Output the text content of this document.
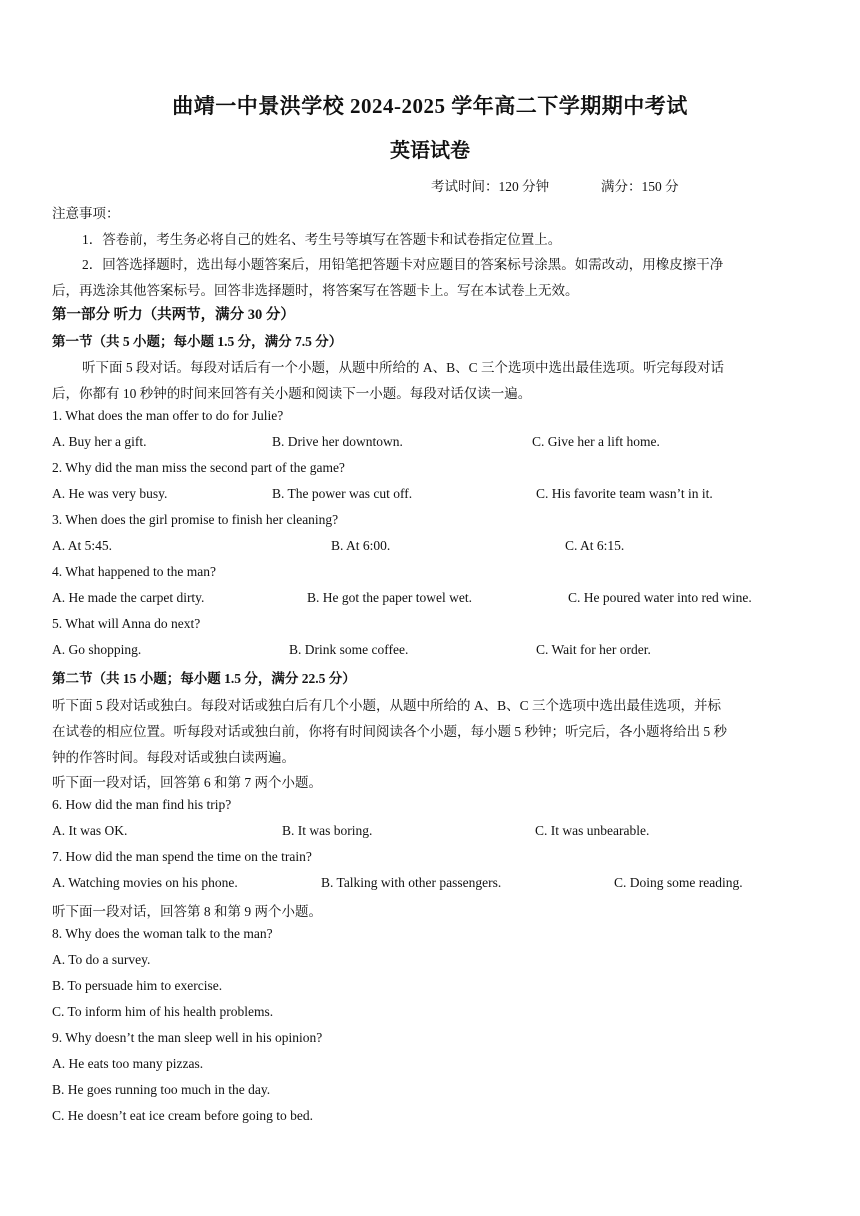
曲靖一中景洪学校 2024-2025 学年高二下学期期中考试
英语试卷
考试时间：120 分钟	满分：150 分
注意事项：
1．答卷前，考生务必将自己的姓名、考生号等填写在答题卡和试卷指定位置上。
2．回答选择题时，选出每小题答案后，用铅笔把答题卡对应题目的答案标号涂黑。如需改动，用橡皮擦干净
后，再选涂其他答案标号。回答非选择题时，将答案写在答题卡上。写在本试卷上无效。
第一部分 听力（共两节，满分 30 分）
第一节（共 5 小题；每小题 1.5 分，满分 7.5 分）
听下面 5 段对话。每段对话后有一个小题，从题中所给的 A、B、C 三个选项中选出最佳选项。听完每段对话
后，你都有 10 秒钟的时间来回答有关小题和阅读下一小题。每段对话仅读一遍。
1. What does the man offer to do for Julie?
A. Buy her a gift.	B. Drive her downtown.	C. Give her a lift home.
2. Why did the man miss the second part of the game?
A. He was very busy.	B. The power was cut off.	C. His favorite team wasn’t in it.
3. When does the girl promise to finish her cleaning?
A. At 5:45.	B. At 6:00.	C. At 6:15.
4. What happened to the man?
A. He made the carpet dirty.	B. He got the paper towel wet.	C. He poured water into red wine.
5. What will Anna do next?
A. Go shopping.	B. Drink some coffee.	C. Wait for her order.
第二节（共 15 小题；每小题 1.5 分，满分 22.5 分）
听下面 5 段对话或独白。每段对话或独白后有几个小题，从题中所给的 A、B、C 三个选项中选出最佳选项，并标
在试卷的相应位置。听每段对话或独白前，你将有时间阅读各个小题，每小题 5 秒钟；听完后，各小题将给出 5 秒
钟的作答时间。每段对话或独白读两遍。
听下面一段对话，回答第 6 和第 7 两个小题。
6. How did the man find his trip?
A. It was OK.	B. It was boring.	C. It was unbearable.
7. How did the man spend the time on the train?
A. Watching movies on his phone.	B. Talking with other passengers.	C. Doing some reading.
听下面一段对话，回答第 8 和第 9 两个小题。
8. Why does the woman talk to the man?
A. To do a survey.
B. To persuade him to exercise.
C. To inform him of his health problems.
9. Why doesn’t the man sleep well in his opinion?
A. He eats too many pizzas.
B. He goes running too much in the day.
C. He doesn’t eat ice cream before going to bed.
